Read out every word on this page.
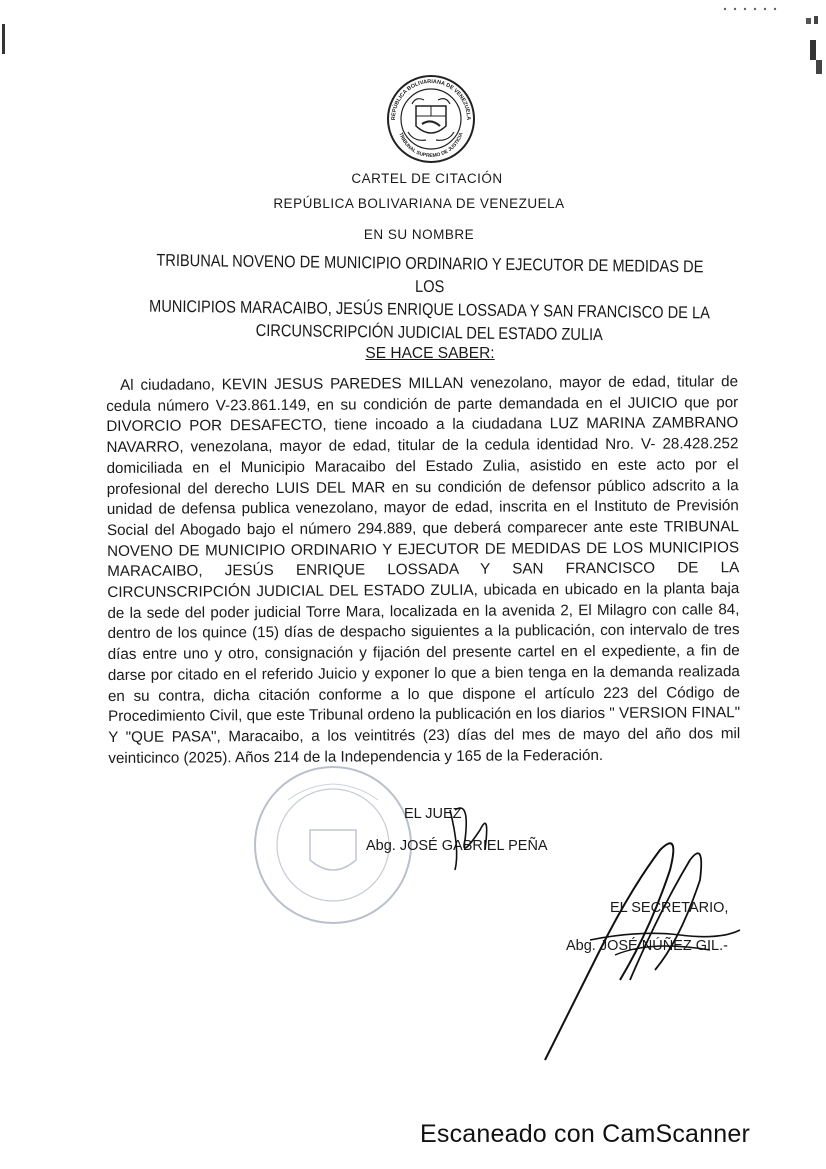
REPÚBLICA BOLIVARIANA DE VENEZUELA
TRIBUNAL SUPREMO DE JUSTICIA
CARTEL DE CITACIÓN
REPÚBLICA BOLIVARIANA DE VENEZUELA
EN SU NOMBRE
TRIBUNAL NOVENO DE MUNICIPIO ORDINARIO Y EJECUTOR DE MEDIDAS DE LOS
MUNICIPIOS MARACAIBO, JESÚS ENRIQUE LOSSADA Y SAN FRANCISCO DE LA
CIRCUNSCRIPCIÓN JUDICIAL DEL ESTADO ZULIA
SE HACE SABER:

Al ciudadano, KEVIN JESUS PAREDES MILLAN venezolano, mayor de edad, titular de cedula número V-23.861.149, en su condición de parte demandada en el JUICIO que por DIVORCIO POR DESAFECTO, tiene incoado a la ciudadana LUZ MARINA ZAMBRANO NAVARRO, venezolana, mayor de edad, titular de la cedula identidad Nro. V- 28.428.252 domiciliada en el Municipio Maracaibo del Estado Zulia, asistido en este acto por el profesional del derecho LUIS DEL MAR en su condición de defensor público adscrito a la unidad de defensa publica venezolano, mayor de edad, inscrita en el Instituto de Previsión Social del Abogado bajo el número 294.889, que deberá comparecer ante este TRIBUNAL NOVENO DE MUNICIPIO ORDINARIO Y EJECUTOR DE MEDIDAS DE LOS MUNICIPIOS MARACAIBO, JESÚS ENRIQUE LOSSADA Y SAN FRANCISCO DE LA CIRCUNSCRIPCIÓN JUDICIAL DEL ESTADO ZULIA, ubicada en ubicado en la planta baja de la sede del poder judicial Torre Mara, localizada en la avenida 2, El Milagro con calle 84, dentro de los quince (15) días de despacho siguientes a la publicación, con intervalo de tres días entre uno y otro, consignación y fijación del presente cartel en el expediente, a fin de darse por citado en el referido Juicio y exponer lo que a bien tenga en la demanda realizada en su contra, dicha citación conforme a lo que dispone el artículo 223 del Código de Procedimiento Civil, que este Tribunal ordeno la publicación en los diarios " VERSION FINAL" Y "QUE PASA", Maracaibo, a los veintitrés (23) días del mes de mayo del año dos mil veinticinco (2025). Años 214 de la Independencia y 165 de la Federación.

EL JUEZ
Abg. JOSÉ GABRIEL PEÑA
EL SECRETARIO,
Abg. JOSÉ NÚÑEZ GIL.-
Escaneado con CamScanner
